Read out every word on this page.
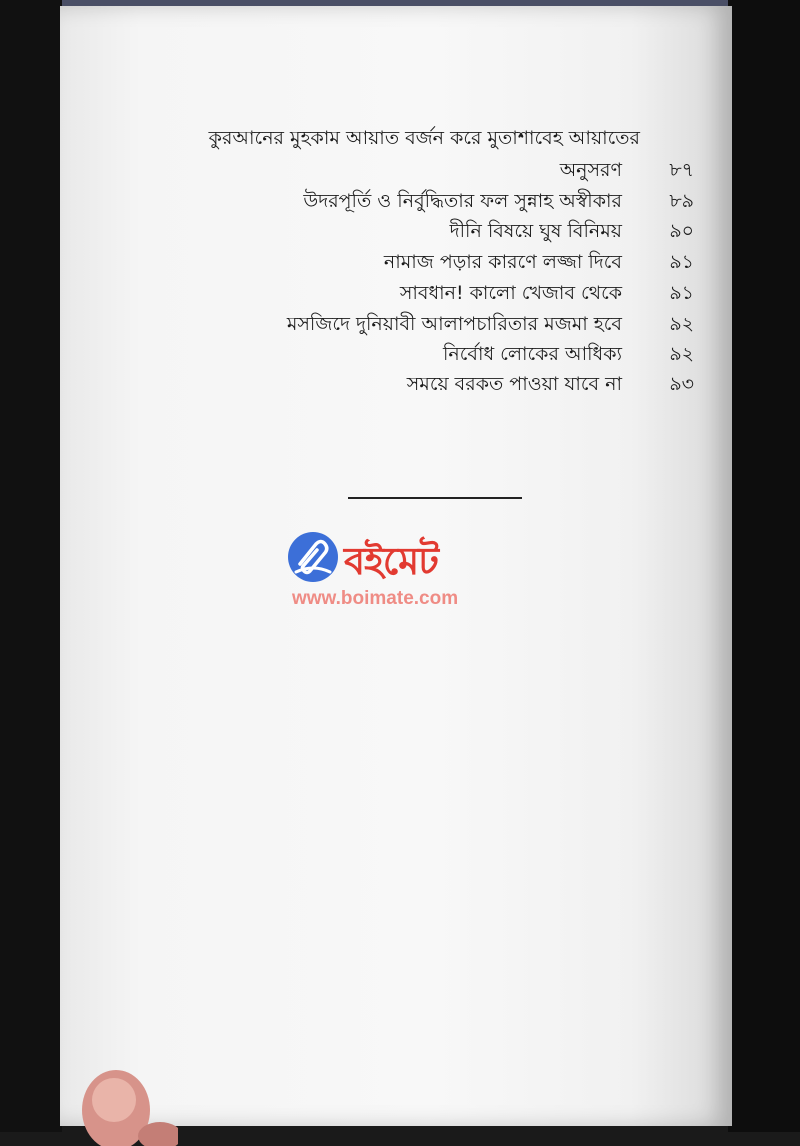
কুরআনের মুহকাম আয়াত বর্জন করে মুতাশাবেহ আয়াতের
অনুসরণ	৮৭
উদরপূর্তি ও নির্বুদ্ধিতার ফল সুন্নাহ অস্বীকার	৮৯
দীনি বিষয়ে ঘুষ বিনিময়	৯০
নামাজ পড়ার কারণে লজ্জা দিবে	৯১
সাবধান! কালো খেজাব থেকে	৯১
মসজিদে দুনিয়াবী আলাপচারিতার মজমা হবে	৯২
নির্বোধ লোকের আধিক্য	৯২
সময়ে বরকত পাওয়া যাবে না	৯৩
বইমেট
www.boimate.com
